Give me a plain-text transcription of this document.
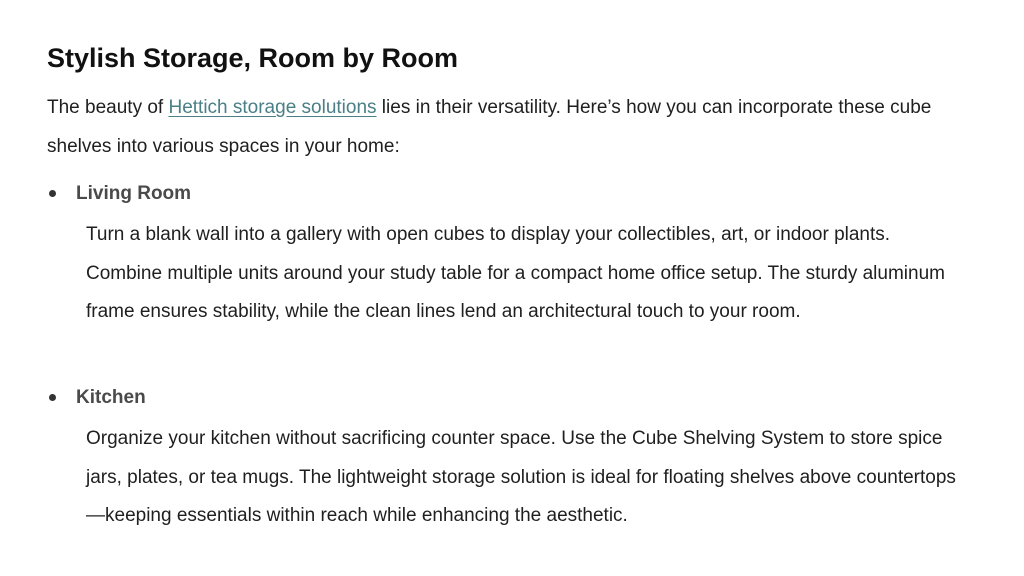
Stylish Storage, Room by Room

The beauty of Hettich storage solutions lies in their versatility. Here’s how you can incorporate these cube shelves into various spaces in your home:

Living Room

Turn a blank wall into a gallery with open cubes to display your collectibles, art, or indoor plants. Combine multiple units around your study table for a compact home office setup. The sturdy aluminum frame ensures stability, while the clean lines lend an architectural touch to your room.

Kitchen

Organize your kitchen without sacrificing counter space. Use the Cube Shelving System to store spice jars, plates, or tea mugs. The lightweight storage solution is ideal for floating shelves above countertops—keeping essentials within reach while enhancing the aesthetic.
